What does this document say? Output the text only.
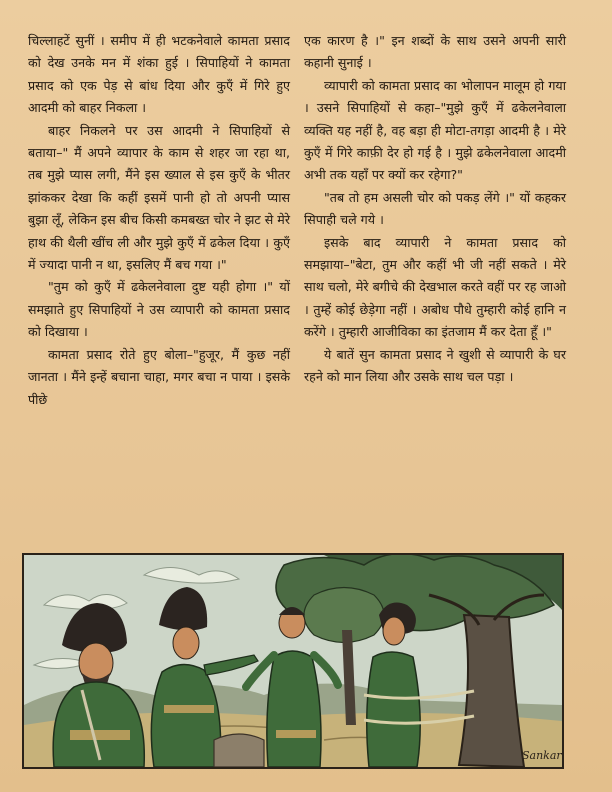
चिल्लाहटें सुनीं । समीप में ही भटकनेवाले कामता प्रसाद को देख उनके मन में शंका हुई । सिपाहियों ने कामता प्रसाद को एक पेड़ से बांध दिया और कुएँ में गिरे हुए आदमी को बाहर निकला ।

बाहर निकलने पर उस आदमी ने सिपाहियों से बताया–" मैं अपने व्यापार के काम से शहर जा रहा था, तब मुझे प्यास लगी, मैंने इस ख्याल से इस कुएँ के भीतर झांककर देखा कि कहीं इसमें पानी हो तो अपनी प्यास बुझा लूँ, लेकिन इस बीच किसी कमबख्त चोर ने झट से मेरे हाथ की थैली खींच ली और मुझे कुएँ में ढकेल दिया । कुएँ में ज्यादा पानी न था, इसलिए मैं बच गया ।"

"तुम को कुएँ में ढकेलनेवाला दुष्ट यही होगा ।" यों समझाते हुए सिपाहियों ने उस व्यापारी को कामता प्रसाद को दिखाया ।

कामता प्रसाद रोते हुए बोला–"हुजूर, मैं कुछ नहीं जानता । मैंने इन्हें बचाना चाहा, मगर बचा न पाया । इसके पीछे

एक कारण है ।" इन शब्दों के साथ उसने अपनी सारी कहानी सुनाई ।

व्यापारी को कामता प्रसाद का भोलापन मालूम हो गया । उसने सिपाहियों से कहा–"मुझे कुएँ में ढकेलनेवाला व्यक्ति यह नहीं है, वह बड़ा ही मोटा-तगड़ा आदमी है । मेरे कुएँ में गिरे काफ़ी देर हो गई है । मुझे ढकेलनेवाला आदमी अभी तक यहाँ पर क्यों कर रहेगा?"

"तब तो हम असली चोर को पकड़ लेंगे ।" यों कहकर सिपाही चले गये ।

इसके बाद व्यापारी ने कामता प्रसाद को समझाया–"बेटा, तुम और कहीं भी जी नहीं सकते । मेरे साथ चलो, मेरे बगीचे की देखभाल करते वहीं पर रह जाओ । तुम्हें कोई छेड़ेगा नहीं । अबोध पौधे तुम्हारी कोई हानि न करेंगे । तुम्हारी आजीविका का इंतजाम मैं कर देता हूँ ।"

ये बातें सुन कामता प्रसाद ने खुशी से व्यापारी के घर रहने को मान लिया और उसके साथ चल पड़ा ।

Sankar
